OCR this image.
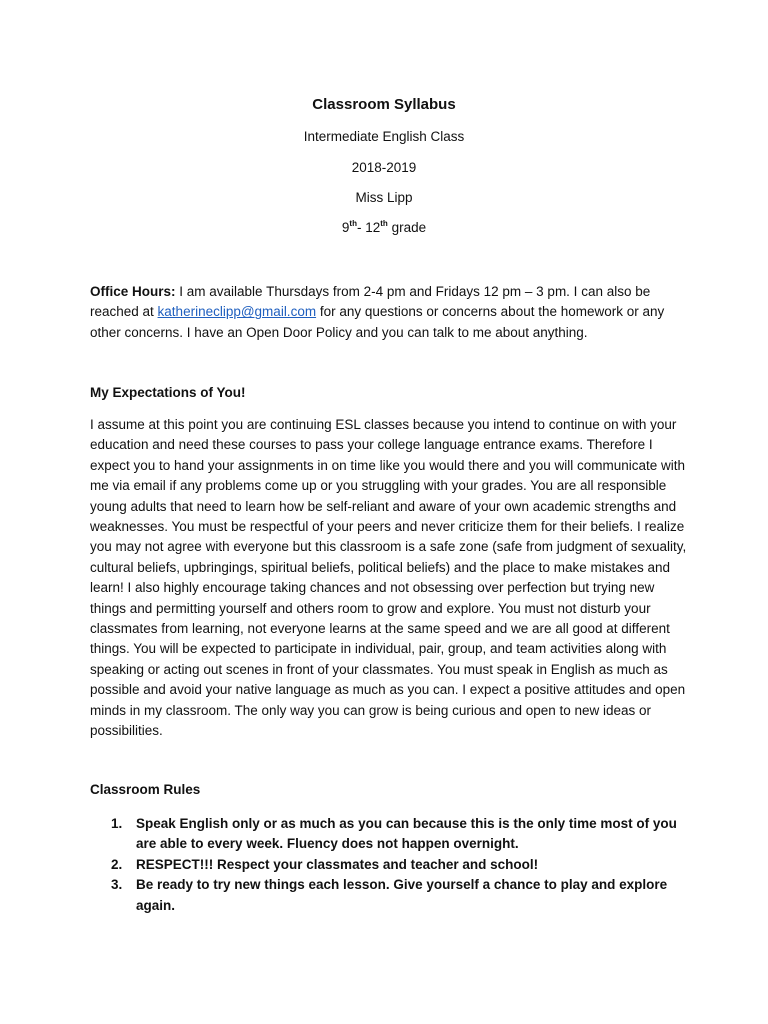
Classroom Syllabus
Intermediate English Class
2018-2019
Miss Lipp
9th- 12th grade
Office Hours: I am available Thursdays from 2-4 pm and Fridays 12 pm – 3 pm. I can also be reached at katherineclipp@gmail.com for any questions or concerns about the homework or any other concerns. I have an Open Door Policy and you can talk to me about anything.
My Expectations of You!
I assume at this point you are continuing ESL classes because you intend to continue on with your education and need these courses to pass your college language entrance exams. Therefore I expect you to hand your assignments in on time like you would there and you will communicate with me via email if any problems come up or you struggling with your grades. You are all responsible young adults that need to learn how be self-reliant and aware of your own academic strengths and weaknesses. You must be respectful of your peers and never criticize them for their beliefs. I realize you may not agree with everyone but this classroom is a safe zone (safe from judgment of sexuality, cultural beliefs, upbringings, spiritual beliefs, political beliefs) and the place to make mistakes and learn! I also highly encourage taking chances and not obsessing over perfection but trying new things and permitting yourself and others room to grow and explore. You must not disturb your classmates from learning, not everyone learns at the same speed and we are all good at different things. You will be expected to participate in individual, pair, group, and team activities along with speaking or acting out scenes in front of your classmates. You must speak in English as much as possible and avoid your native language as much as you can. I expect a positive attitudes and open minds in my classroom. The only way you can grow is being curious and open to new ideas or possibilities.
Classroom Rules
1. Speak English only or as much as you can because this is the only time most of you are able to every week. Fluency does not happen overnight.
2. RESPECT!!! Respect your classmates and teacher and school!
3. Be ready to try new things each lesson. Give yourself a chance to play and explore again.
